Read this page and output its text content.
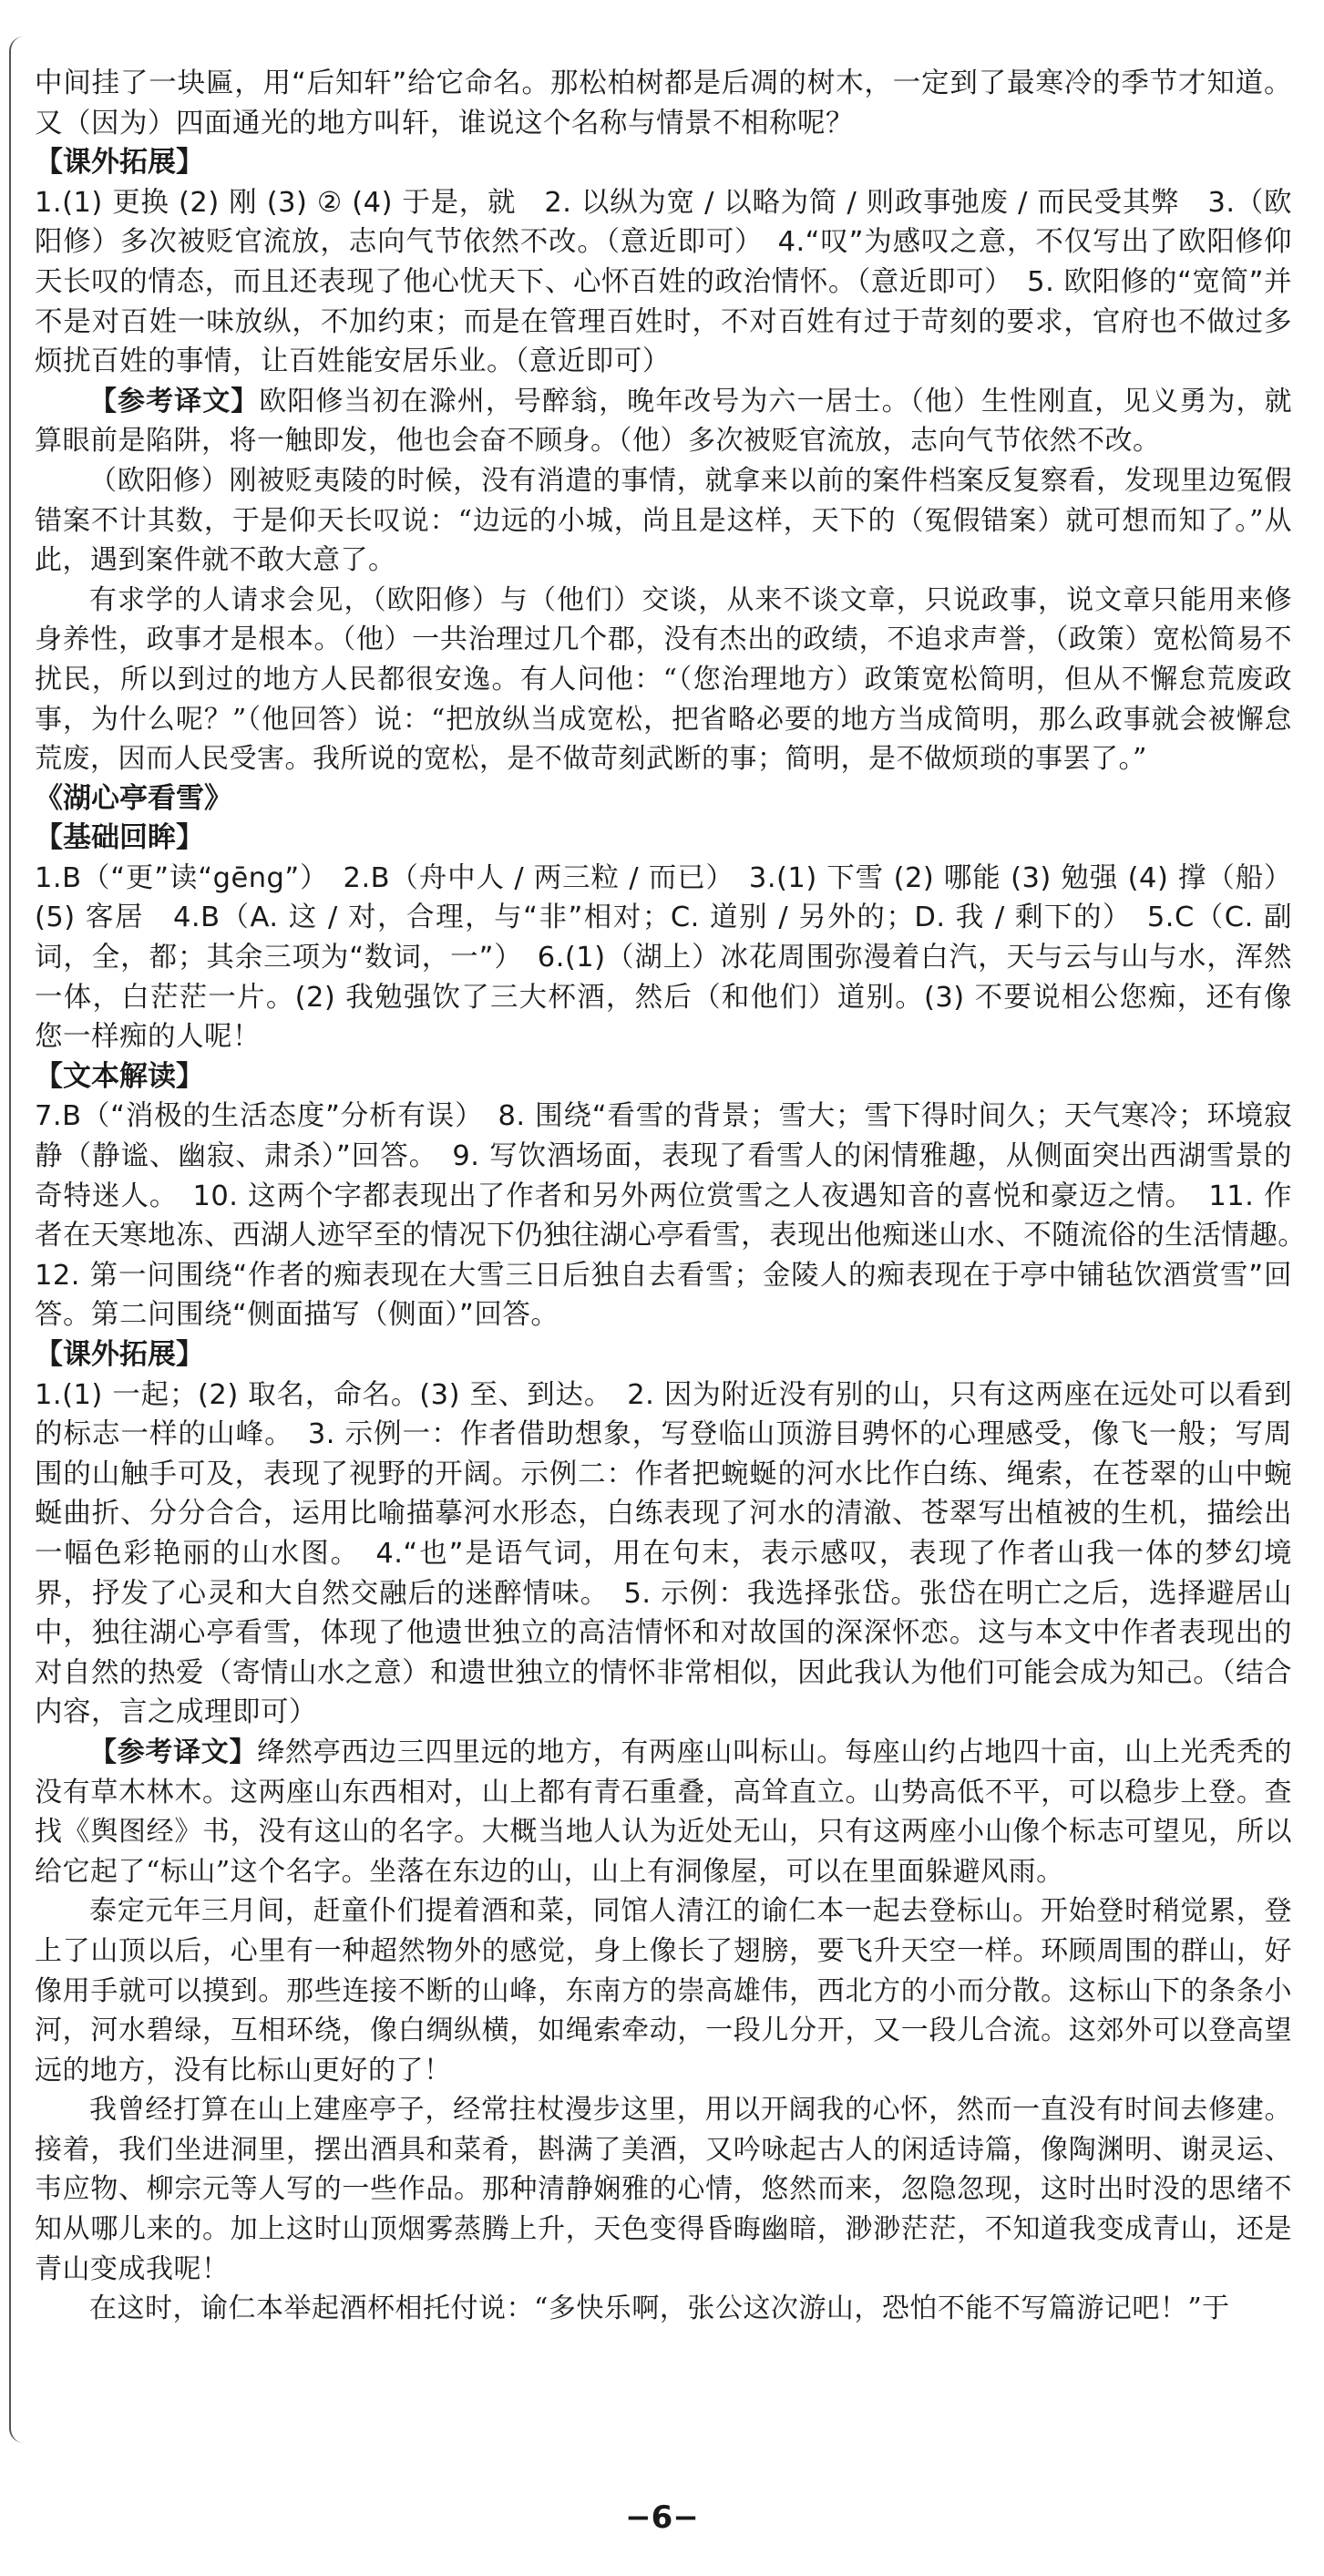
中间挂了一块匾，用“后知轩”给它命名。那松柏树都是后凋的树木，一定到了最寒冷的季节才知道。又（因为）四面通光的地方叫轩，谁说这个名称与情景不相称呢？

【课外拓展】

1.(1) 更换 (2) 刚 (3) ② (4) 于是，就　2. 以纵为宽 / 以略为简 / 则政事弛废 / 而民受其弊　3.（欧阳修）多次被贬官流放，志向气节依然不改。（意近即可）　4.“叹”为感叹之意，不仅写出了欧阳修仰天长叹的情态，而且还表现了他心忧天下、心怀百姓的政治情怀。（意近即可）　5. 欧阳修的“宽简”并不是对百姓一味放纵，不加约束；而是在管理百姓时，不对百姓有过于苛刻的要求，官府也不做过多烦扰百姓的事情，让百姓能安居乐业。（意近即可）

【参考译文】欧阳修当初在滁州，号醉翁，晚年改号为六一居士。（他）生性刚直，见义勇为，就算眼前是陷阱，将一触即发，他也会奋不顾身。（他）多次被贬官流放，志向气节依然不改。

（欧阳修）刚被贬夷陵的时候，没有消遣的事情，就拿来以前的案件档案反复察看，发现里边冤假错案不计其数，于是仰天长叹说：“边远的小城，尚且是这样，天下的（冤假错案）就可想而知了。”从此，遇到案件就不敢大意了。

有求学的人请求会见，（欧阳修）与（他们）交谈，从来不谈文章，只说政事，说文章只能用来修身养性，政事才是根本。（他）一共治理过几个郡，没有杰出的政绩，不追求声誉，（政策）宽松简易不扰民，所以到过的地方人民都很安逸。有人问他：“（您治理地方）政策宽松简明，但从不懈怠荒废政事，为什么呢？”（他回答）说：“把放纵当成宽松，把省略必要的地方当成简明，那么政事就会被懈怠荒废，因而人民受害。我所说的宽松，是不做苛刻武断的事；简明，是不做烦琐的事罢了。”

《湖心亭看雪》

【基础回眸】

1.B（“更”读“gēng”）　2.B（舟中人 / 两三粒 / 而已）　3.(1) 下雪 (2) 哪能 (3) 勉强 (4) 撑（船）(5) 客居　4.B（A. 这 / 对，合理，与“非”相对；C. 道别 / 另外的；D. 我 / 剩下的）　5.C（C. 副词，全，都；其余三项为“数词，一”）　6.(1)（湖上）冰花周围弥漫着白汽，天与云与山与水，浑然一体，白茫茫一片。(2) 我勉强饮了三大杯酒，然后（和他们）道别。(3) 不要说相公您痴，还有像您一样痴的人呢！

【文本解读】

7.B（“消极的生活态度”分析有误）　8. 围绕“看雪的背景；雪大；雪下得时间久；天气寒冷；环境寂静（静谧、幽寂、肃杀）”回答。　9. 写饮酒场面，表现了看雪人的闲情雅趣，从侧面突出西湖雪景的奇特迷人。　10. 这两个字都表现出了作者和另外两位赏雪之人夜遇知音的喜悦和豪迈之情。　11. 作者在天寒地冻、西湖人迹罕至的情况下仍独往湖心亭看雪，表现出他痴迷山水、不随流俗的生活情趣。　12. 第一问围绕“作者的痴表现在大雪三日后独自去看雪；金陵人的痴表现在于亭中铺毡饮酒赏雪”回答。第二问围绕“侧面描写（侧面）”回答。

【课外拓展】

1.(1) 一起；(2) 取名，命名。(3) 至、到达。　2. 因为附近没有别的山，只有这两座在远处可以看到的标志一样的山峰。　3. 示例一：作者借助想象，写登临山顶游目骋怀的心理感受，像飞一般；写周围的山触手可及，表现了视野的开阔。示例二：作者把蜿蜒的河水比作白练、绳索，在苍翠的山中蜿蜒曲折、分分合合，运用比喻描摹河水形态，白练表现了河水的清澈、苍翠写出植被的生机，描绘出一幅色彩艳丽的山水图。　4.“也”是语气词，用在句末，表示感叹，表现了作者山我一体的梦幻境界，抒发了心灵和大自然交融后的迷醉情味。　5. 示例：我选择张岱。张岱在明亡之后，选择避居山中，独往湖心亭看雪，体现了他遗世独立的高洁情怀和对故国的深深怀恋。这与本文中作者表现出的对自然的热爱（寄情山水之意）和遗世独立的情怀非常相似，因此我认为他们可能会成为知己。（结合内容，言之成理即可）

【参考译文】绛然亭西边三四里远的地方，有两座山叫标山。每座山约占地四十亩，山上光秃秃的没有草木林木。这两座山东西相对，山上都有青石重叠，高耸直立。山势高低不平，可以稳步上登。查找《舆图经》书，没有这山的名字。大概当地人认为近处无山，只有这两座小山像个标志可望见，所以给它起了“标山”这个名字。坐落在东边的山，山上有洞像屋，可以在里面躲避风雨。

泰定元年三月间，赶童仆们提着酒和菜，同馆人清江的谕仁本一起去登标山。开始登时稍觉累，登上了山顶以后，心里有一种超然物外的感觉，身上像长了翅膀，要飞升天空一样。环顾周围的群山，好像用手就可以摸到。那些连接不断的山峰，东南方的崇高雄伟，西北方的小而分散。这标山下的条条小河，河水碧绿，互相环绕，像白绸纵横，如绳索牵动，一段儿分开，又一段儿合流。这郊外可以登高望远的地方，没有比标山更好的了！

我曾经打算在山上建座亭子，经常拄杖漫步这里，用以开阔我的心怀，然而一直没有时间去修建。接着，我们坐进洞里，摆出酒具和菜肴，斟满了美酒，又吟咏起古人的闲适诗篇，像陶渊明、谢灵运、韦应物、柳宗元等人写的一些作品。那种清静娴雅的心情，悠然而来，忽隐忽现，这时出时没的思绪不知从哪儿来的。加上这时山顶烟雾蒸腾上升，天色变得昏晦幽暗，渺渺茫茫，不知道我变成青山，还是青山变成我呢！

在这时，谕仁本举起酒杯相托付说：“多快乐啊，张公这次游山，恐怕不能不写篇游记吧！”于

−6−
